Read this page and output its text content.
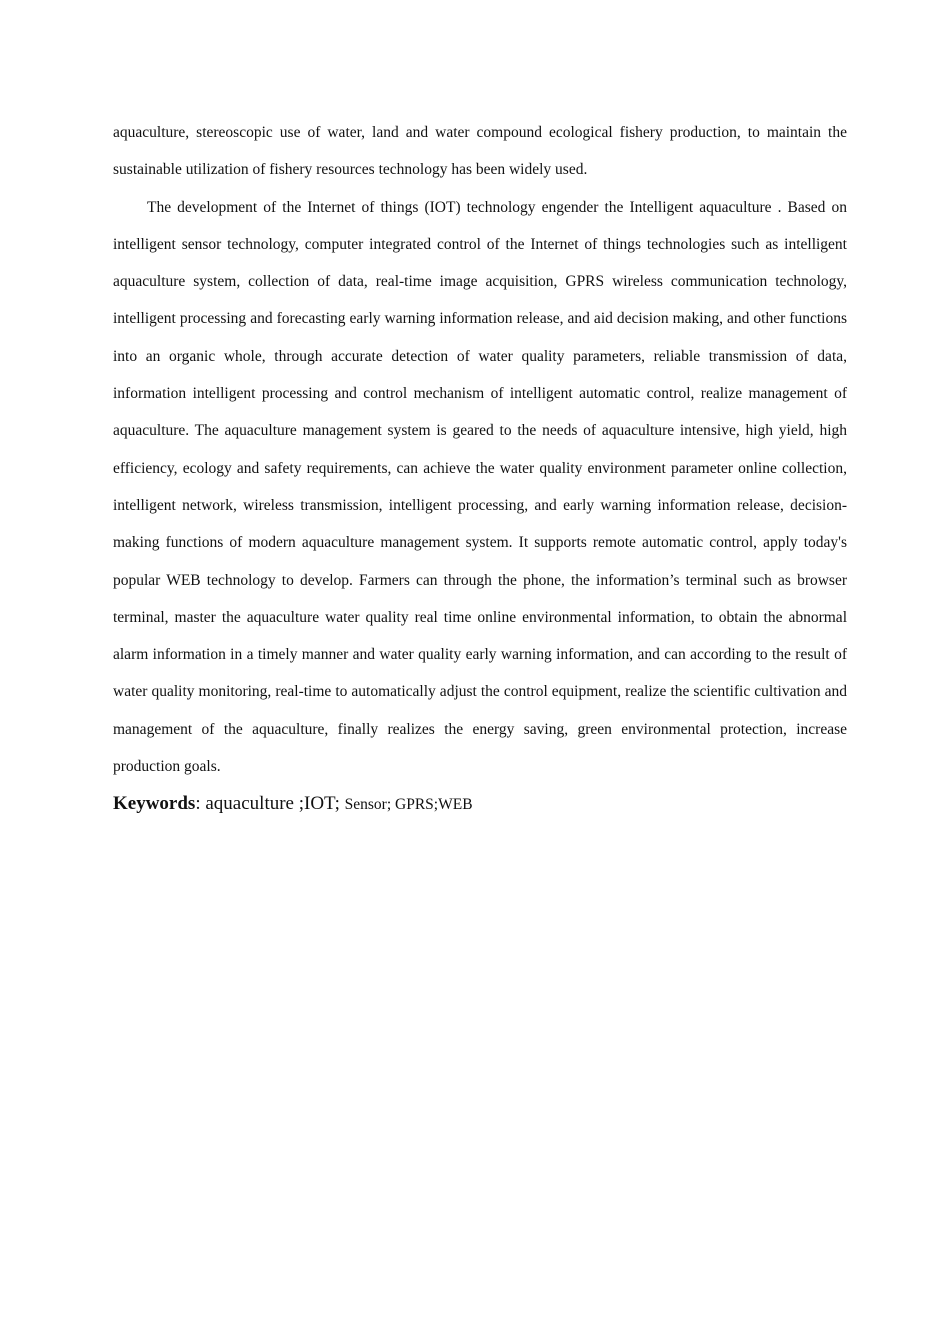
aquaculture, stereoscopic use of water, land and water compound ecological fishery production, to maintain the sustainable utilization of fishery resources technology has been widely used.

The development of the Internet of things (IOT) technology engender the Intelligent aquaculture . Based on intelligent sensor technology, computer integrated control of the Internet of things technologies such as intelligent aquaculture system, collection of data, real-time image acquisition, GPRS wireless communication technology, intelligent processing and forecasting early warning information release, and aid decision making, and other functions into an organic whole, through accurate detection of water quality parameters, reliable transmission of data, information intelligent processing and control mechanism of intelligent automatic control, realize management of aquaculture. The aquaculture management system is geared to the needs of aquaculture intensive, high yield, high efficiency, ecology and safety requirements, can achieve the water quality environment parameter online collection, intelligent network, wireless transmission, intelligent processing, and early warning information release, decision-making functions of modern aquaculture management system. It supports remote automatic control, apply today's popular WEB technology to develop. Farmers can through the phone, the information’s terminal such as browser terminal, master the aquaculture water quality real time online environmental information, to obtain the abnormal alarm information in a timely manner and water quality early warning information, and can according to the result of water quality monitoring, real-time to automatically adjust the control equipment, realize the scientific cultivation and management of the aquaculture, finally realizes the energy saving, green environmental protection, increase production goals.

Keywords: aquaculture ;IOT; Sensor; GPRS;WEB
